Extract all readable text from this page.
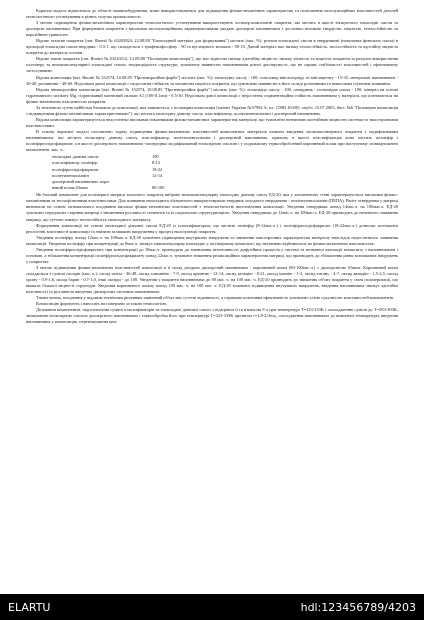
Корисна модель відноситься до області машинобудування, може використовуватися для підвищення фізико-механічних характеристик та поліпшення експлуатаційних властивостей деталей технологічного устаткування в різних галузях промисловості.

З метою підвищення фізико-механічних характеристик технологічного устаткування використовують полімер-композитні покриття, які містять в якості в'язкуючого епоксидні смоли та дисперсні наповнювачі. При формуванні покриттів з високими експлуатаційними характеристиками уводять дисперсні наповнювачі з достатньо великою твердістю, міцністю, теплостійкістю та корозійною тривкістю.

Відоме захисне покриття [пат. Японії № 63202824, 22.08.88 "Епоксидний матеріал для формування"] містить (мас. %): розчин епоксидної смоли в твердникові (новолачна фенольна смола) в пропорції епоксидна смола:твердник - 0,5-1, що складається з трифенілфосфіну - 90 та вуглецевого волокна - 90-10. Даний матеріал має низьку теплостійкість, зносостійкість та адгезійну міцність покриття до матеріалу основи.

Відоме також покриття [пат. Японії № 63220212, 13.09.88 "Полімерна композиція"], що має відносно низьку адгезійну міцність, низьку в'язкість та міцність покриття за рахунок використання олігомеру та низькомолекулярної епоксидної смоли, неоднорідність структури, зумовлену наявністю наповнювачів різної дисперсності, що не сприяє стабільності властивостей і ефективному застосуванню.

Відома композиція [пат. Японії № 152574, 10.08.85 "Протикорозійна фарба"] містить (мас. %): епоксидну смолу - 100, сополімер вінілхлориду та вінілацетату - 15-35, мінеральні наповнювачі - 30-40, розчинник - 40-60. Недоліком даної композиції є недостатня стійкість та механічна міцність покриття, що зумовлено наявністю в його складі розчинника та невисоким ступенем зшивання.

Відома антикорозійна композиція [пат. Японії № 152574, 10.08.85 "Протикорозійна фарба"] містить (мас. %): епоксидну смолу - 100, отвердник - поліамідна смола - 100, мінерал на основі гідратованого силікату Mg, гідратований магнієвий силікат А1 (100-0.1мм) - 0.5-50. Недоліком даної композиції є недостатня седиментаційна стійкість наповнювача у матеріалі, що позначається на фізико-механічних властивостях покриття.

За технічною суттю найбільш близькою до композиції, яка заявляється, є полімерна композиція [патент України №57994 А, кл. С09D 163/00, опубл. 15.07.2003, бюл. №6 "Полімерна композиція з підвищеними фізико-механічними характеристиками"], що містить епоксидну діанову смолу, пластифікатор, поліетиленполіамін і дисперсний наповнювач.

Відома композиція характеризується недостатньо високими показниками фізико-механічних характеристик матеріалу, що зумовлено незначною когезійною міцністю системи та тиксотропними властивостями.

В основу корисної моделі поставлено задачу підвищення фізико-механічних властивостей композитних матеріалів шляхом введення епоксиполімерного покриття з модифікованим наповнювачем, що містить епоксидну діанову смолу, пластифікатор, поліетиленполіамін і дисперсний наповнювач, причому в якості пластифікатора воно містить полиефір і поліефірполідієфакрилат, а в якості дисперсного наповнювача -попередньо модифікований епоксидною смолою і у подальшому термооброблений коричневий шлам при наступному співвідношенні компонентів, мас. ч.:

епоксидна діанова смола	100
пластифікатор: поліефір	8-12
поліефірполідієфакрилат	18-22
поліетиленполіамін	12-14
дисперсний наповнювач: кори-
невий шлам 63мкм	80-100

Як базовий компонент для полімерної матриці захисного покриття вибрано низькомолекулярну епоксидну діанову смолу ЕД-20, яка у зоновленому стані характеризується високими фізико-механічними та теплофізичними властивостями. Для зшивання епоксидного в'язкуючого використовували твердник холодного твердження - поліетиленполіамін (ПЕПА). Вміст отвердника у матриці визначали на основі оптимального поєднання високих фізико-механічних властивостей з технологічністю виготовлення композиції. Уведення отвердника понад 14мас.ч. на 100мас.ч. ЕД-20 зумовлює передчасне старіння матриці з зниженням рухливості сегментів та їх подальшою структуризацією. Уведення отвердника до 12мас.ч. на 100мас.ч. ЕД-20 призводить до неповного зшивання матриці, що суттєво знижує теплостійкість епоксидного матеріалу.

Формування композиції на основі епоксидної діанової смоли ЕД-20 із пластифікатором, що містить поліефір (8-12мас.ч.) і поліефірполідієфакрилат (18-22мас.ч.) дозволяє поліпшити реологічні властивості композиції та знизити залишкові напруження у процесі експлуатації покриття.

Уведення поліефіру понад 12мас.ч. на 100мас.ч. ЕД-20 зумовлює підвищення внутрішніх напружень та зниження тиксотропних характеристик матеріалу внаслідок недостатнього зшивання композиції. Уведення поліефіру при концентрації до 8мас.ч. знижує міжмолекулярну взаємодію у полімерному композиті, що негативно відбивається на фізико-механічних властивостях.

Уведення поліефірполідієфакрилату при концентрації до 18мас.ч. призводить до зменшення інтенсивності дифузійних процесів у системі та незначної взаємодії композиту з наповнювачем і основою, а збільшення концентрації поліефірполідієфакрилату понад 22мас.ч. зумовлює зниження релаксаційних характеристик матриці, що призводить до збільшення рівня залишкових напружень у покриттях.

З метою підвищення фізико-механічних властивостей композиції в її склад уводили дисперсний наповнювач - коричневий шлам (80-100мас.ч.) з дисперсністю 63мкм. Коричневий шлам складається з суміші оксидів (мас. ч.): оксид заліза - 46-48, оксид алюмінію - 7-9, оксид кремнію - 12-14, оксид кальцію - 8-21, оксид магнію - 1-2, оксид титану - 4-7, оксид ванадію - 1,5-2,5, оксид хрому - 0,9-1,6, оксид барію - 0,7-1,0, інші оксиди - до 100. Уведення у покриття наповнювача до 80 мас. ч. на 100 мас. ч. ЕД-20 призводить до зниження об'єму покриття у стані полімеризації, що вимагає більшої міцності структури. Уведення коричневого шламу понад 100 мас. ч. на 100 мас. ч. ЕД-20 зумовлює підвищення внутрішніх напружень, введення наповнювача знижує адгезійні властивості та рухливість введених дисперсних частинок наповнювача.

Таким чином, поєднання у відомим технічним рішенням заявлений об'єкт має суттєві відмінності, а отримана позитивна ефективність зумовлено усією сукупністю властивостей компонентів.

Композицію формують і наносять на поверхню за такою технологією.

Дозування компонентів, підготовлення суміші пластифікаторів та епоксидної діанової смоли з підігрівом її та в'язкістю 8 ч при температурі T=323-333K і охолодженню суміші до T=293-303K, змішування епоксидною смолою дисперсного наповнювача і термообробка його при температурі T=323-333K протягом τ=1,8-2,0год., охолодження наповнювача до кімнатної температури, введення наповнювача у композицію, перемішування ком-

ELARTU	hdl:123456789/4203
